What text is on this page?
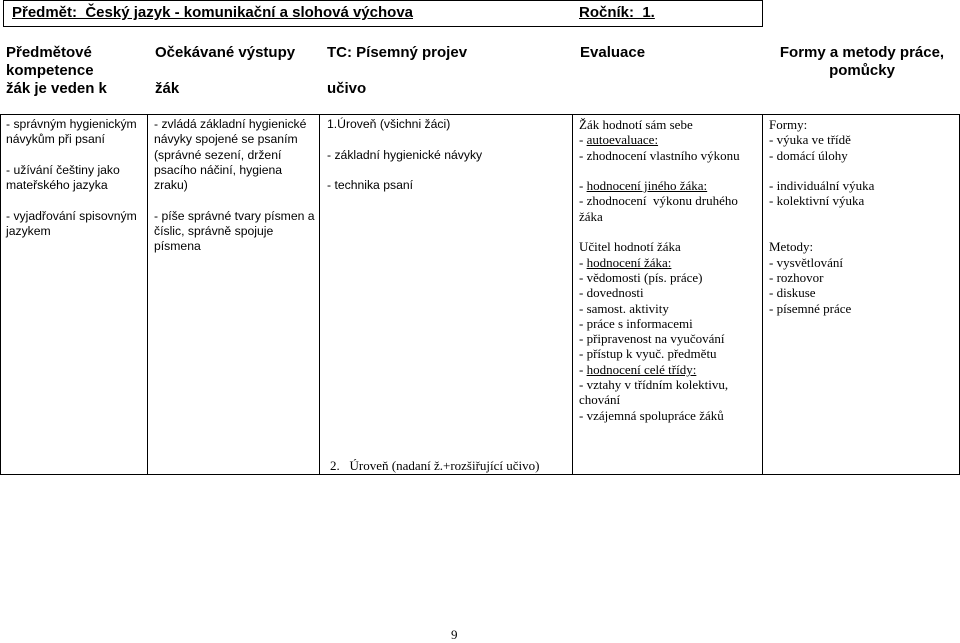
Předmět:  Český jazyk - komunikační a slohová výchova	Ročník:  1.
Předmětové
kompetence
žák je veden k
Očekávané výstupy
žák
TC: Písemný projev
učivo
Evaluace	Formy a metody práce,
pomůcky
- správným hygienickým
návykům při psaní
- užívání češtiny jako
mateřského jazyka
- vyjadřování spisovným
jazykem
- zvládá základní hygienické
návyky spojené se psaním
(správné sezení, držení
psacího náčiní, hygiena
zraku)
- píše správné tvary písmen a
číslic, správně spojuje
písmena
1.Úroveň (všichni žáci)
- základní hygienické návyky
- technika psaní
Žák hodnotí sám sebe
- autoevaluace:
- zhodnocení vlastního výkonu
- hodnocení jiného žáka:
- zhodnocení  výkonu druhého
žáka
Učitel hodnotí žáka
- hodnocení žáka:
- vědomosti (pís. práce)
- dovednosti
- samost. aktivity
- práce s informacemi
- připravenost na vyučování
- přístup k vyuč. předmětu
- hodnocení celé třídy:
- vztahy v třídním kolektivu,
chování
- vzájemná spolupráce žáků
Formy:
- výuka ve třídě
- domácí úlohy
- individuální výuka
- kolektivní výuka
Metody:
- vysvětlování
- rozhovor
- diskuse
- písemné práce
2.   Úroveň (nadaní ž.+rozšiřující učivo)
9
